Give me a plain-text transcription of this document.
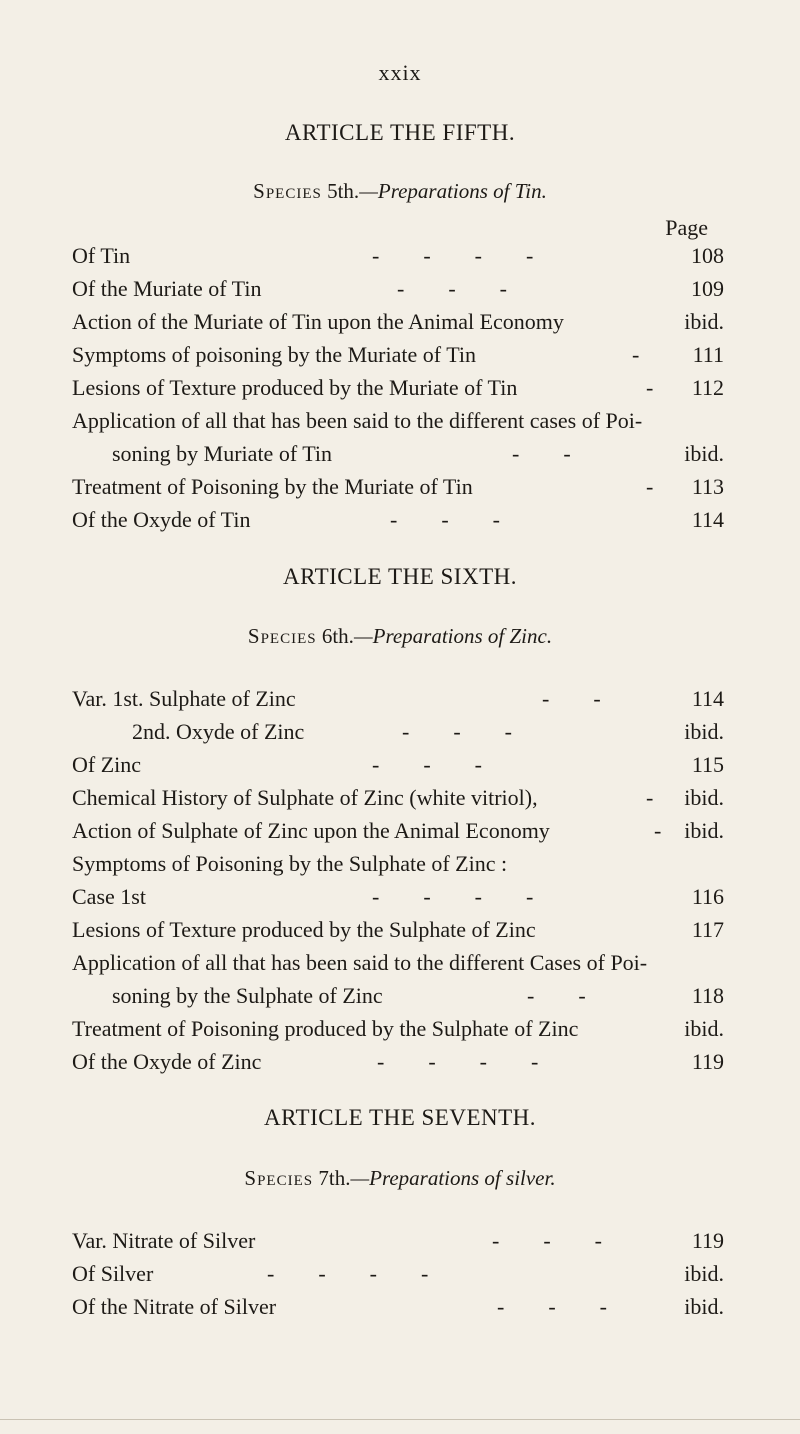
xxix
ARTICLE THE FIFTH.
Species 5th.—Preparations of Tin.
Page
Of Tin	-        -        -        -	108
Of the Muriate of Tin	-        -        -	109
Action of the Muriate of Tin upon the Animal Economy	ibid.
Symptoms of poisoning by the Muriate of Tin	- 111
Lesions of Texture produced by the Muriate of Tin	- 112
Application of all that has been said to the different cases of Poi-
soning by Muriate of Tin	-        -	ibid.
Treatment of Poisoning by the Muriate of Tin	- 113
Of the Oxyde of Tin	-        -        -	114
ARTICLE THE SIXTH.
Species 6th.—Preparations of Zinc.
Var. 1st. Sulphate of Zinc	-        -	114
2nd. Oxyde of Zinc	-        -        -	ibid.
Of Zinc	-        -        -	115
Chemical History of Sulphate of Zinc (white vitriol),	- ibid.
Action of Sulphate of Zinc upon the Animal Economy	- ibid.
Symptoms of Poisoning by the Sulphate of Zinc :
Case 1st	-        -        -        -	116
Lesions of Texture produced by the Sulphate of Zinc	117
Application of all that has been said to the different Cases of Poi-
soning by the Sulphate of Zinc	-        -	118
Treatment of Poisoning produced by the Sulphate of Zinc	ibid.
Of the Oxyde of Zinc	-        -        -        -	119
ARTICLE THE SEVENTH.
Species 7th.—Preparations of silver.
Var. Nitrate of Silver	-        -        -	119
Of Silver	-        -        -        -	ibid.
Of the Nitrate of Silver	-        -        -	ibid.
